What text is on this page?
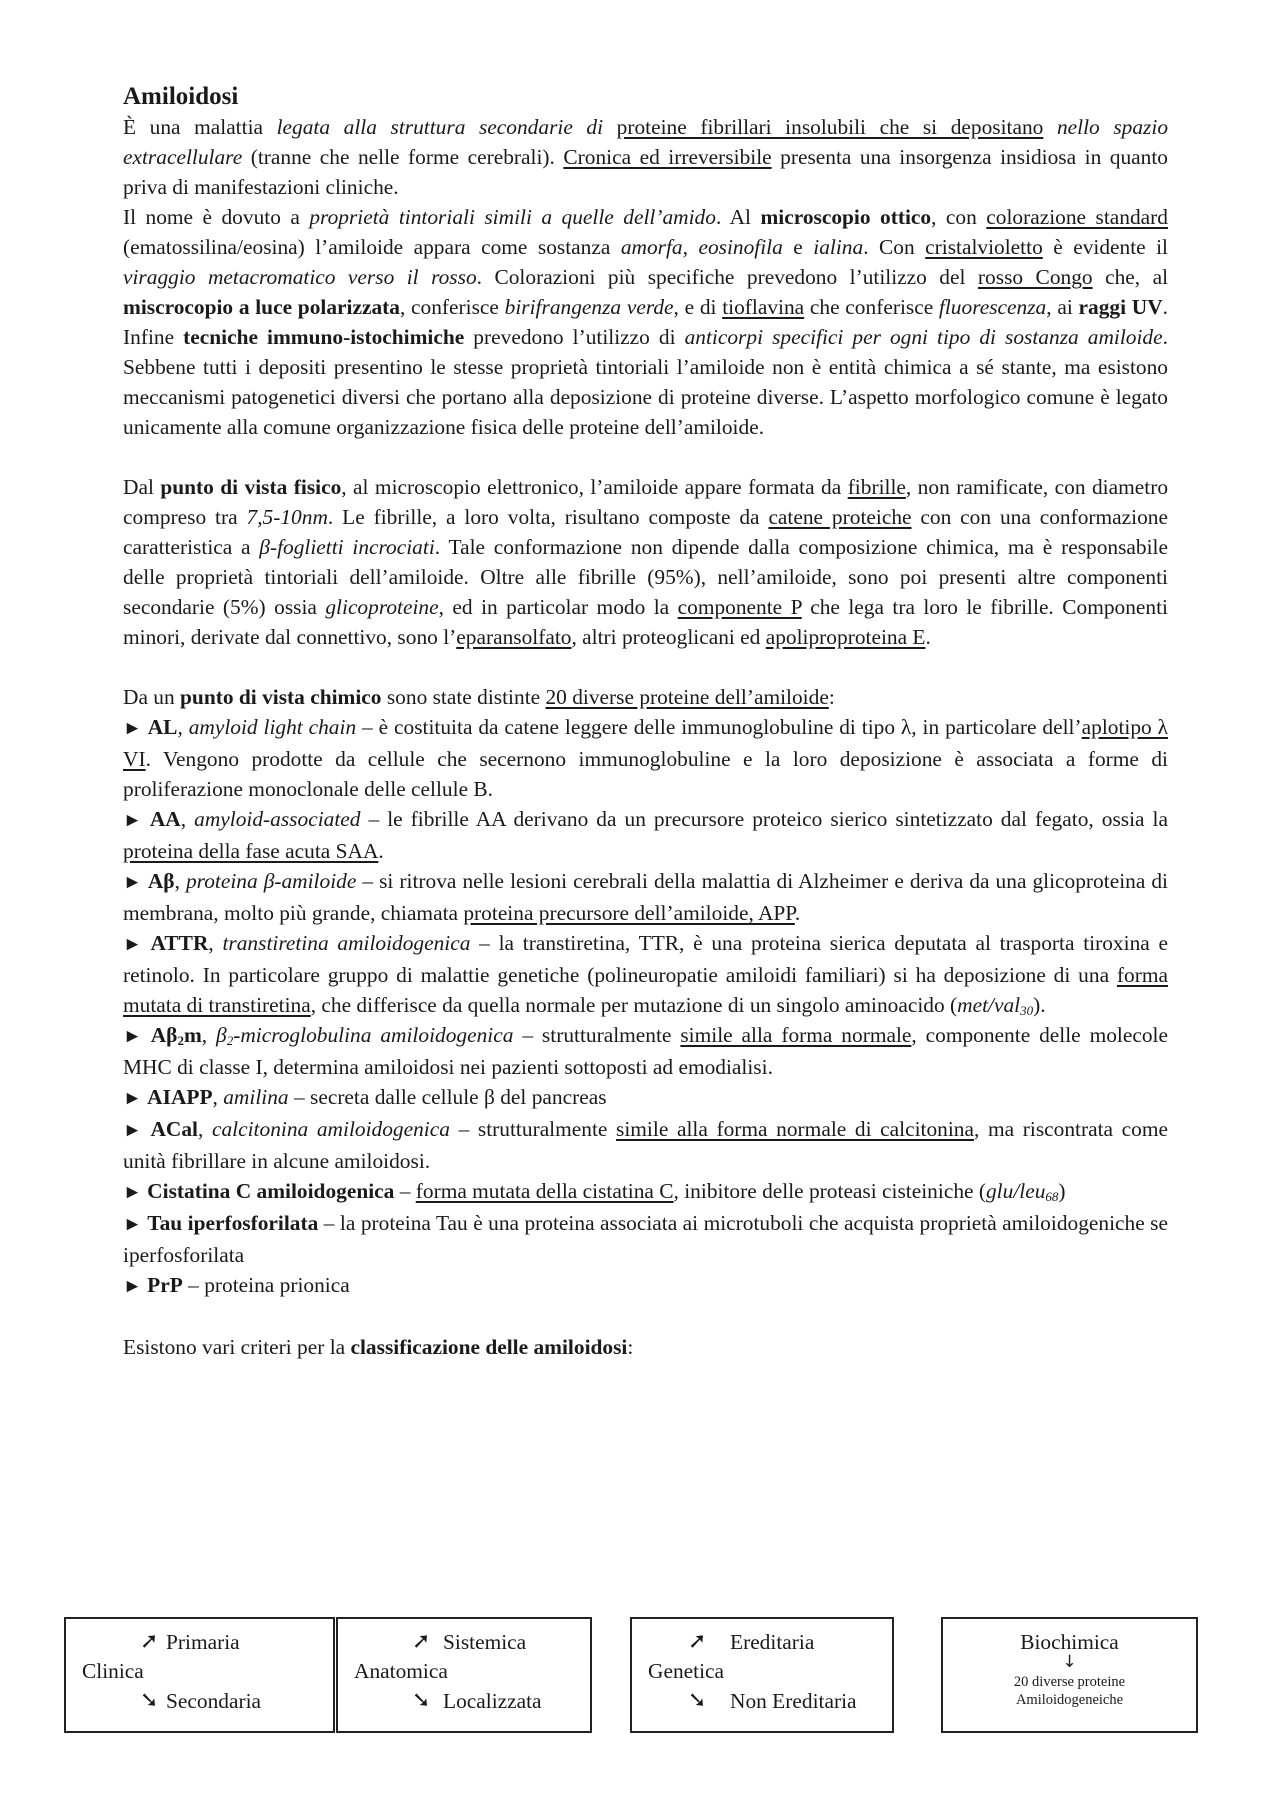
Amiloidosi

È una malattia legata alla struttura secondarie di proteine fibrillari insolubili che si depositano nello spazio extracellulare (tranne che nelle forme cerebrali). Cronica ed irreversibile presenta una insorgenza insidiosa in quanto priva di manifestazioni cliniche.

Il nome è dovuto a proprietà tintoriali simili a quelle dell’amido. Al microscopio ottico, con colorazione standard (ematossilina/eosina) l’amiloide appara come sostanza amorfa, eosinofila e ialina. Con cristalvioletto è evidente il viraggio metacromatico verso il rosso. Colorazioni più specifiche prevedono l’utilizzo del rosso Congo che, al miscrocopio a luce polarizzata, conferisce birifrangenza verde, e di tioflavina che conferisce fluorescenza, ai raggi UV. Infine tecniche immuno-istochimiche prevedono l’utilizzo di anticorpi specifici per ogni tipo di sostanza amiloide. Sebbene tutti i depositi presentino le stesse proprietà tintoriali l’amiloide non è entità chimica a sé stante, ma esistono meccanismi patogenetici diversi che portano alla deposizione di proteine diverse. L’aspetto morfologico comune è legato unicamente alla comune organizzazione fisica delle proteine dell’amiloide.

Dal punto di vista fisico, al microscopio elettronico, l’amiloide appare formata da fibrille, non ramificate, con diametro compreso tra 7,5-10nm. Le fibrille, a loro volta, risultano composte da catene proteiche con con una conformazione caratteristica a β-foglietti incrociati. Tale conformazione non dipende dalla composizione chimica, ma è responsabile delle proprietà tintoriali dell’amiloide. Oltre alle fibrille (95%), nell’amiloide, sono poi presenti altre componenti secondarie (5%) ossia glicoproteine, ed in particolar modo la componente P che lega tra loro le fibrille. Componenti minori, derivate dal connettivo, sono l’eparansolfato, altri proteoglicani ed apoliproproteina E.

Da un punto di vista chimico sono state distinte 20 diverse proteine dell’amiloide:

► AL, amyloid light chain – è costituita da catene leggere delle immunoglobuline di tipo λ, in particolare dell’aplotipo λ VI. Vengono prodotte da cellule che secernono immunoglobuline e la loro deposizione è associata a forme di proliferazione monoclonale delle cellule B.

► AA, amyloid-associated – le fibrille AA derivano da un precursore proteico sierico sintetizzato dal fegato, ossia la proteina della fase acuta SAA.

► Aβ, proteina β-amiloide – si ritrova nelle lesioni cerebrali della malattia di Alzheimer e deriva da una glicoproteina di membrana, molto più grande, chiamata proteina precursore dell’amiloide, APP.

► ATTR, transtiretina amiloidogenica – la transtiretina, TTR, è una proteina sierica deputata al trasporta tiroxina e retinolo. In particolare gruppo di malattie genetiche (polineuropatie amiloidi familiari) si ha deposizione di una forma mutata di transtiretina, che differisce da quella normale per mutazione di un singolo aminoacido (met/val$_{30}$).

► $A\beta_2m$, $\beta_2$-microglobulina amiloidogenica – strutturalmente simile alla forma normale, componente delle molecole MHC di classe I, determina amiloidosi nei pazienti sottoposti ad emodialisi.

► AIAPP, amilina – secreta dalle cellule β del pancreas

► ACal, calcitonina amiloidogenica – strutturalmente simile alla forma normale di calcitonina, ma riscontrata come unità fibrillare in alcune amiloidosi.

► Cistatina C amiloidogenica – forma mutata della cistatina C, inibitore delle proteasi cisteiniche (glu/leu$_{68}$)

► Tau iperfosforilata – la proteina Tau è una proteina associata ai microtuboli che acquista proprietà amiloidogeniche se iperfosforilata

► PrP – proteina prionica

Esistono vari criteri per la classificazione delle amiloidosi:

➚ Primaria
Clinica
➘ Secondaria
➚ Sistemica
Anatomica
➘ Localizzata
➚ Ereditaria
Genetica
➘ Non Ereditaria
Biochimica
↓
20 diverse proteine
Amiloidogeneiche
